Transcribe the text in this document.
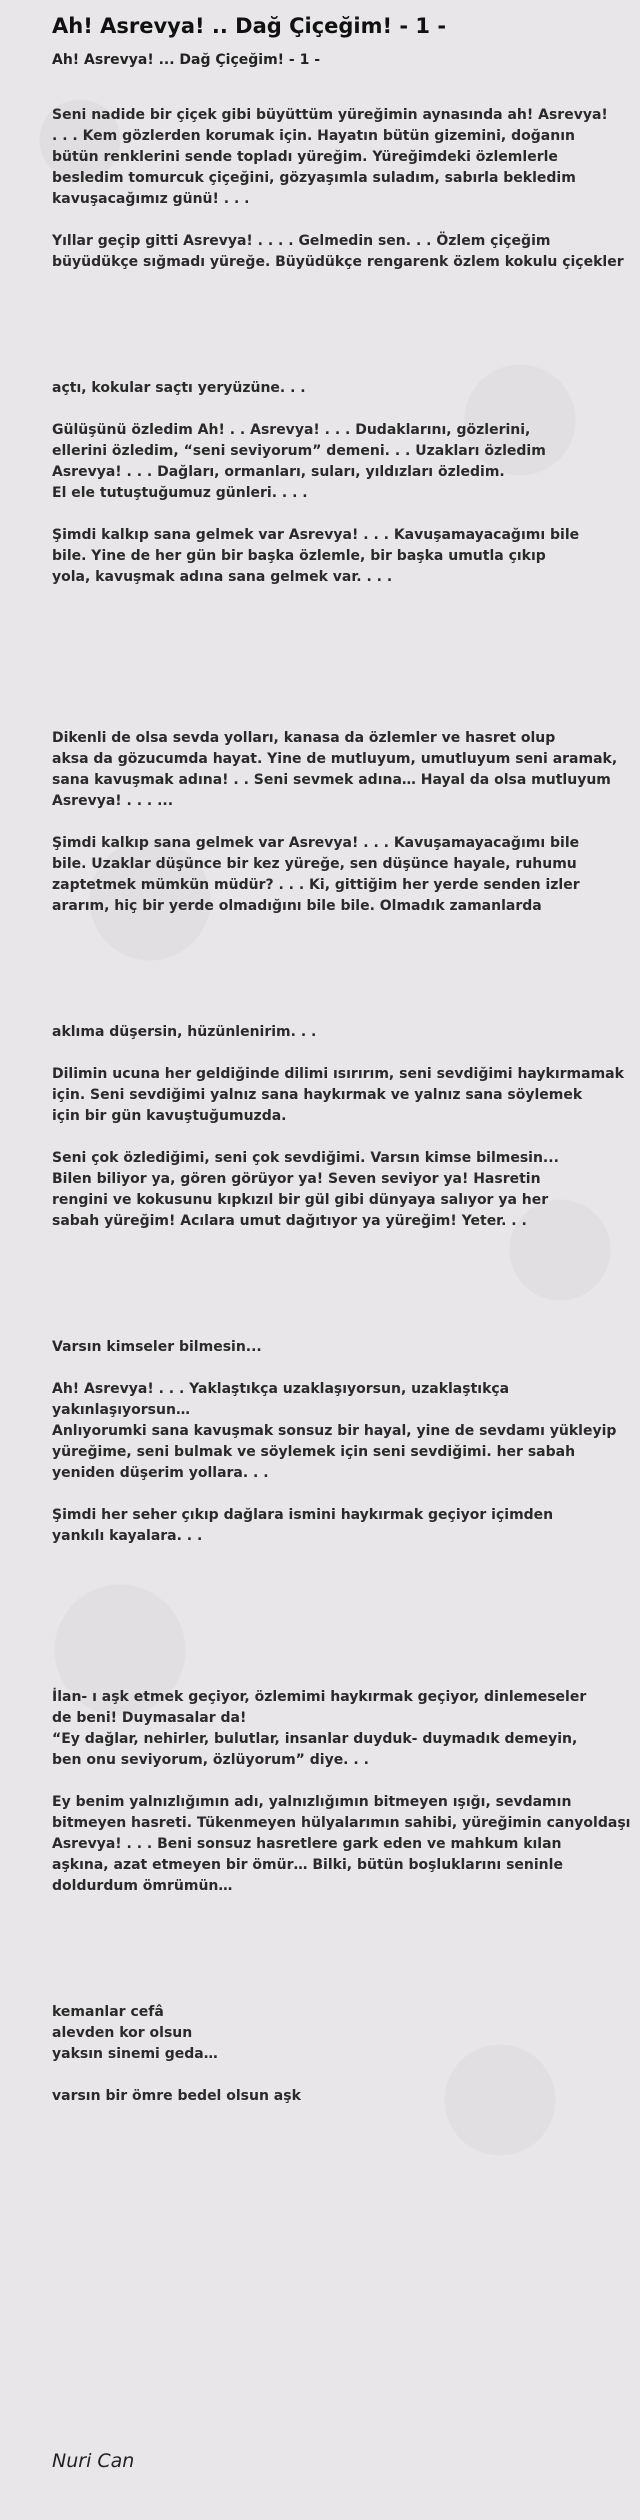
Ah! Asrevya! .. Dağ Çiçeğim! - 1 -
Ah! Asrevya! ... Dağ Çiçeğim! - 1 -

Seni nadide bir çiçek gibi büyüttüm yüreğimin aynasında ah! Asrevya!
. . . Kem gözlerden korumak için. Hayatın bütün gizemini, doğanın
bütün renklerini sende topladı yüreğim. Yüreğimdeki özlemlerle
besledim tomurcuk çiçeğini, gözyaşımla suladım, sabırla bekledim
kavuşacağımız günü! . . .

Yıllar geçip gitti Asrevya! . . . . Gelmedin sen. . . Özlem çiçeğim
büyüdükçe sığmadı yüreğe. Büyüdükçe rengarenk özlem kokulu çiçekler

açtı, kokular saçtı yeryüzüne. . .

Gülüşünü özledim Ah! . . Asrevya! . . . Dudaklarını, gözlerini,
ellerini özledim, “seni seviyorum” demeni. . . Uzakları özledim
Asrevya! . . . Dağları, ormanları, suları, yıldızları özledim.
El ele tutuştuğumuz günleri. . . .

Şimdi kalkıp sana gelmek var Asrevya! . . . Kavuşamayacağımı bile
bile. Yine de her gün bir başka özlemle, bir başka umutla çıkıp
yola, kavuşmak adına sana gelmek var. . . .

Dikenli de olsa sevda yolları, kanasa da özlemler ve hasret olup
aksa da gözucumda hayat. Yine de mutluyum, umutluyum seni aramak,
sana kavuşmak adına! . . Seni sevmek adına… Hayal da olsa mutluyum
Asrevya! . . . ...

Şimdi kalkıp sana gelmek var Asrevya! . . . Kavuşamayacağımı bile
bile. Uzaklar düşünce bir kez yüreğe, sen düşünce hayale, ruhumu
zaptetmek mümkün müdür? . . . Ki, gittiğim her yerde senden izler
ararım, hiç bir yerde olmadığını bile bile. Olmadık zamanlarda

aklıma düşersin, hüzünlenirim. . .

Dilimin ucuna her geldiğinde dilimi ısırırım, seni sevdiğimi haykırmamak
için. Seni sevdiğimi yalnız sana haykırmak ve yalnız sana söylemek
için bir gün kavuştuğumuzda.

Seni çok özlediğimi, seni çok sevdiğimi. Varsın kimse bilmesin...
Bilen biliyor ya, gören görüyor ya! Seven seviyor ya! Hasretin
rengini ve kokusunu kıpkızıl bir gül gibi dünyaya salıyor ya her
sabah yüreğim! Acılara umut dağıtıyor ya yüreğim! Yeter. . .

Varsın kimseler bilmesin...

Ah! Asrevya! . . . Yaklaştıkça uzaklaşıyorsun, uzaklaştıkça yakınlaşıyorsun…
Anlıyorumki sana kavuşmak sonsuz bir hayal, yine de sevdamı yükleyip
yüreğime, seni bulmak ve söylemek için seni sevdiğimi. her sabah
yeniden düşerim yollara. . .

Şimdi her seher çıkıp dağlara ismini haykırmak geçiyor içimden
yankılı kayalara. . .

İlan- ı aşk etmek geçiyor, özlemimi haykırmak geçiyor, dinlemeseler
de beni! Duymasalar da!
“Ey dağlar, nehirler, bulutlar, insanlar duyduk- duymadık demeyin,
ben onu seviyorum, özlüyorum” diye. . .

Ey benim yalnızlığımın adı, yalnızlığımın bitmeyen ışığı, sevdamın
bitmeyen hasreti. Tükenmeyen hülyalarımın sahibi, yüreğimin canyoldaşı
Asrevya! . . . Beni sonsuz hasretlere gark eden ve mahkum kılan
aşkına, azat etmeyen bir ömür… Bilki, bütün boşluklarını seninle
doldurdum ömrümün…

kemanlar cefâ
alevden kor olsun
yaksın sinemi geda…

varsın bir ömre bedel olsun aşk

Nuri Can
